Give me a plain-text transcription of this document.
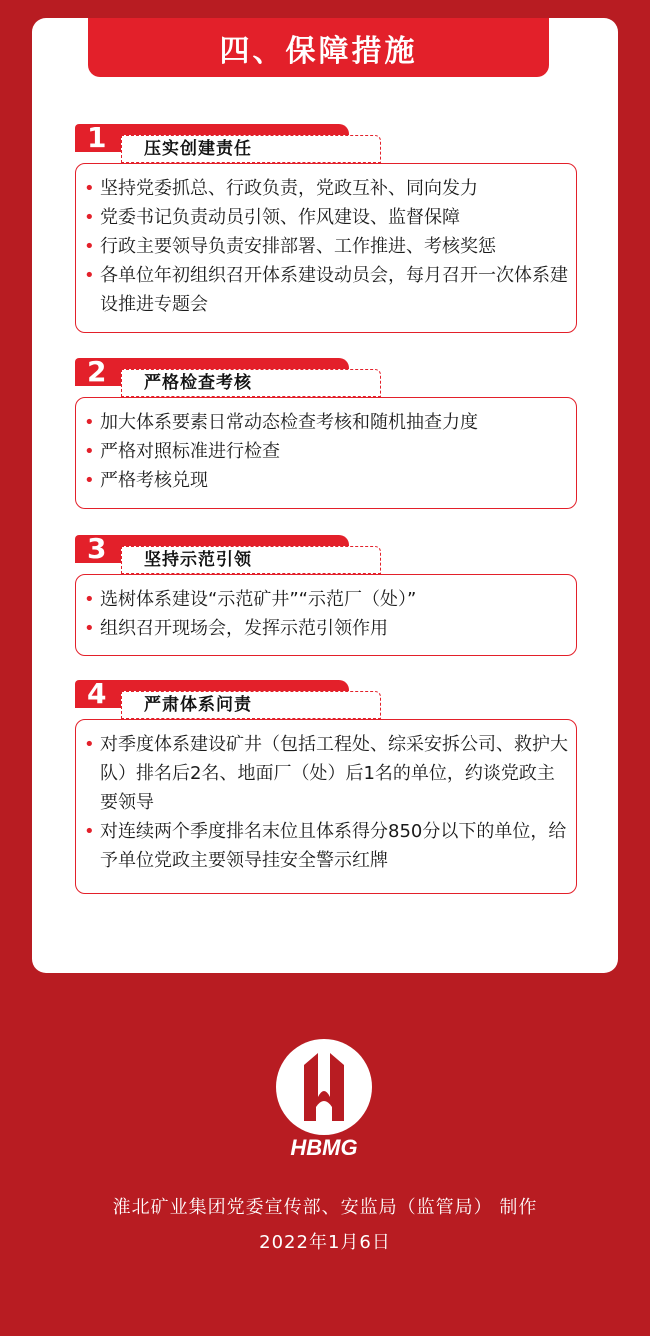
四、保障措施
1	压实创建责任
• 坚持党委抓总、行政负责，党政互补、同向发力
• 党委书记负责动员引领、作风建设、监督保障
• 行政主要领导负责安排部署、工作推进、考核奖惩
• 各单位年初组织召开体系建设动员会，每月召开一次体系建设推进专题会
2	严格检查考核
• 加大体系要素日常动态检查考核和随机抽查力度
• 严格对照标准进行检查
• 严格考核兑现
3	坚持示范引领
• 选树体系建设“示范矿井”“示范厂（处）”
• 组织召开现场会，发挥示范引领作用
4	严肃体系问责
• 对季度体系建设矿井（包括工程处、综采安拆公司、救护大队）排名后2名、地面厂（处）后1名的单位，约谈党政主要领导
• 对连续两个季度排名末位且体系得分850分以下的单位，给予单位党政主要领导挂安全警示红牌
HBMG
淮北矿业集团党委宣传部、安监局（监管局） 制作
2022年1月6日
